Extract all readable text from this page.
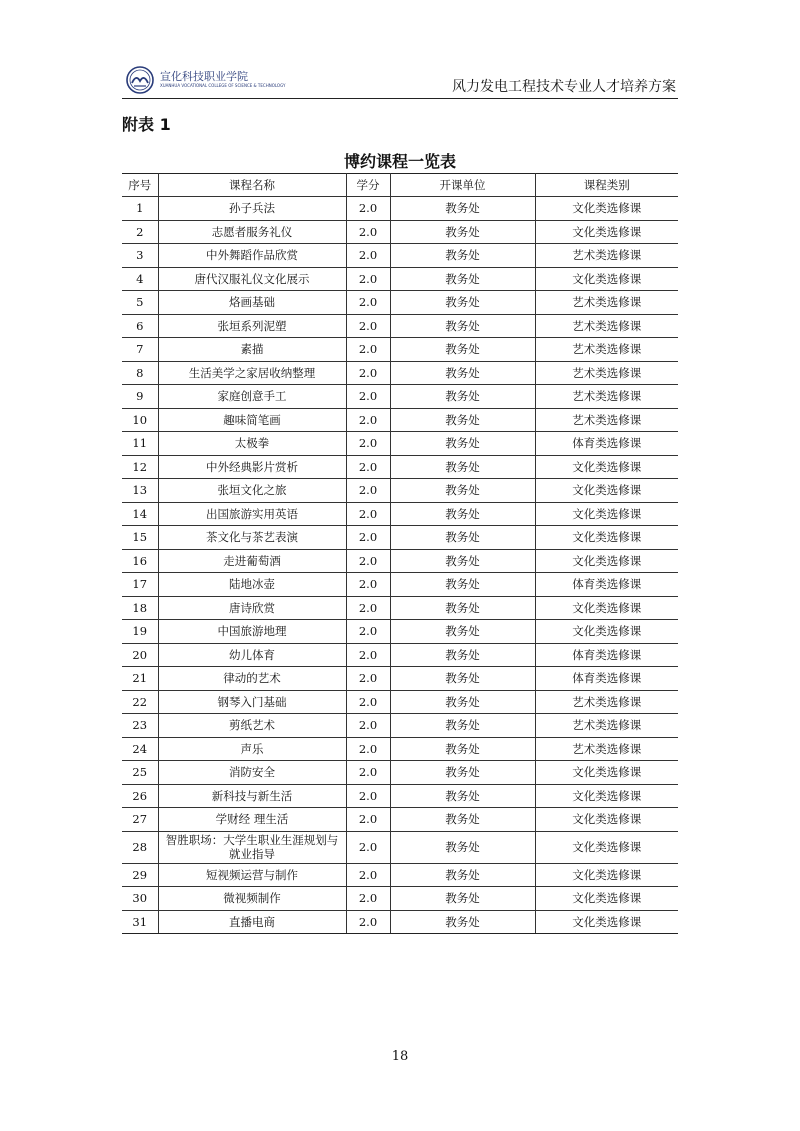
宣化科技职业学院
XUANHUA VOCATIONAL COLLEGE OF SCIENCE & TECHNOLOGY	风力发电工程技术专业人才培养方案
附表 1
博约课程一览表
序号	课程名称	学分	开课单位	课程类别
1	孙子兵法	2.0	教务处	文化类选修课
2	志愿者服务礼仪	2.0	教务处	文化类选修课
3	中外舞蹈作品欣赏	2.0	教务处	艺术类选修课
4	唐代汉服礼仪文化展示	2.0	教务处	文化类选修课
5	烙画基础	2.0	教务处	艺术类选修课
6	张垣系列泥塑	2.0	教务处	艺术类选修课
7	素描	2.0	教务处	艺术类选修课
8	生活美学之家居收纳整理	2.0	教务处	艺术类选修课
9	家庭创意手工	2.0	教务处	艺术类选修课
10	趣味简笔画	2.0	教务处	艺术类选修课
11	太极拳	2.0	教务处	体育类选修课
12	中外经典影片赏析	2.0	教务处	文化类选修课
13	张垣文化之旅	2.0	教务处	文化类选修课
14	出国旅游实用英语	2.0	教务处	文化类选修课
15	茶文化与茶艺表演	2.0	教务处	文化类选修课
16	走进葡萄酒	2.0	教务处	文化类选修课
17	陆地冰壶	2.0	教务处	体育类选修课
18	唐诗欣赏	2.0	教务处	文化类选修课
19	中国旅游地理	2.0	教务处	文化类选修课
20	幼儿体育	2.0	教务处	体育类选修课
21	律动的艺术	2.0	教务处	体育类选修课
22	钢琴入门基础	2.0	教务处	艺术类选修课
23	剪纸艺术	2.0	教务处	艺术类选修课
24	声乐	2.0	教务处	艺术类选修课
25	消防安全	2.0	教务处	文化类选修课
26	新科技与新生活	2.0	教务处	文化类选修课
27	学财经 理生活	2.0	教务处	文化类选修课
28	智胜职场：大学生职业生涯规划与就业指导	2.0	教务处	文化类选修课
29	短视频运营与制作	2.0	教务处	文化类选修课
30	微视频制作	2.0	教务处	文化类选修课
31	直播电商	2.0	教务处	文化类选修课
18
